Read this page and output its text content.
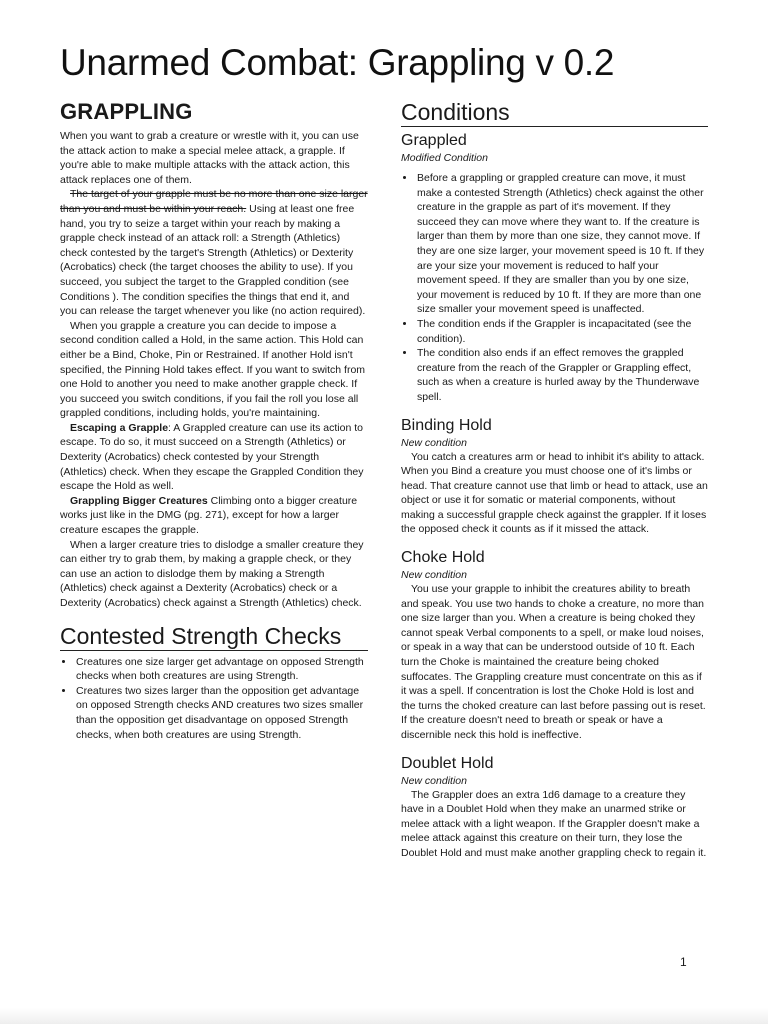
Unarmed Combat: Grappling v 0.2
GRAPPLING

When you want to grab a creature or wrestle with it, you can use the attack action to make a special melee attack, a grapple. If you're able to make multiple attacks with the attack action, this attack replaces one of them.

The target of your grapple must be no more than one size larger than you and must be within your reach. Using at least one free hand, you try to seize a target within your reach by making a grapple check instead of an attack roll: a Strength (Athletics) check contested by the target's Strength (Athletics) or Dexterity (Acrobatics) check (the target chooses the ability to use). If you succeed, you subject the target to the Grappled condition (see Conditions ). The condition specifies the things that end it, and you can release the target whenever you like (no action required).

When you grapple a creature you can decide to impose a second condition called a Hold, in the same action. This Hold can either be a Bind, Choke, Pin or Restrained. If another Hold isn't specified, the Pinning Hold takes effect. If you want to switch from one Hold to another you need to make another grapple check. If you succeed you switch conditions, if you fail the roll you lose all grappled conditions, including holds, you're maintaining.

Escaping a Grapple: A Grappled creature can use its action to escape. To do so, it must succeed on a Strength (Athletics) or Dexterity (Acrobatics) check contested by your Strength (Athletics) check. When they escape the Grappled Condition they escape the Hold as well.

Grappling Bigger Creatures Climbing onto a bigger creature works just like in the DMG (pg. 271), except for how a larger creature escapes the grapple.

When a larger creature tries to dislodge a smaller creature they can either try to grab them, by making a grapple check, or they can use an action to dislodge them by making a Strength (Athletics) check against a Dexterity (Acrobatics) check or a Dexterity (Acrobatics) check against a Strength (Athletics) check.

Contested Strength Checks
• Creatures one size larger get advantage on opposed Strength checks when both creatures are using Strength.
• Creatures two sizes larger than the opposition get advantage on opposed Strength checks AND creatures two sizes smaller than the opposition get disadvantage on opposed Strength checks, when both creatures are using Strength.
Conditions
Grappled

Modified Condition

• Before a grappling or grappled creature can move, it must make a contested Strength (Athletics) check against the other creature in the grapple as part of it's movement. If they succeed they can move where they want to. If the creature is larger than them by more than one size, they cannot move. If they are one size larger, your movement speed is 10 ft. If they are your size your movement is reduced to half your movement speed. If they are smaller than you by one size, your movement is reduced by 10 ft. If they are more than one size smaller your movement speed is unaffected.
• The condition ends if the Grappler is incapacitated (see the condition).
• The condition also ends if an effect removes the grappled creature from the reach of the Grappler or Grappling effect, such as when a creature is hurled away by the Thunderwave spell.
Binding Hold

New condition

You catch a creatures arm or head to inhibit it's ability to attack. When you Bind a creature you must choose one of it's limbs or head. That creature cannot use that limb or head to attack, use an object or use it for somatic or material components, without making a successful grapple check against the grappler. If it loses the opposed check it counts as if it missed the attack.

Choke Hold

New condition

You use your grapple to inhibit the creatures ability to breath and speak. You use two hands to choke a creature, no more than one size larger than you. When a creature is being choked they cannot speak Verbal components to a spell, or make loud noises, or speak in a way that can be understood outside of 10 ft. Each turn the Choke is maintained the creature being choked suffocates. The Grappling creature must concentrate on this as if it was a spell. If concentration is lost the Choke Hold is lost and the turns the choked creature can last before passing out is reset. If the creature doesn't need to breath or speak or have a discernible neck this hold is ineffective.

Doublet Hold

New condition

The Grappler does an extra 1d6 damage to a creature they have in a Doublet Hold when they make an unarmed strike or melee attack with a light weapon. If the Grappler doesn't make a melee attack against this creature on their turn, they lose the Doublet Hold and must make another grappling check to regain it.

1
